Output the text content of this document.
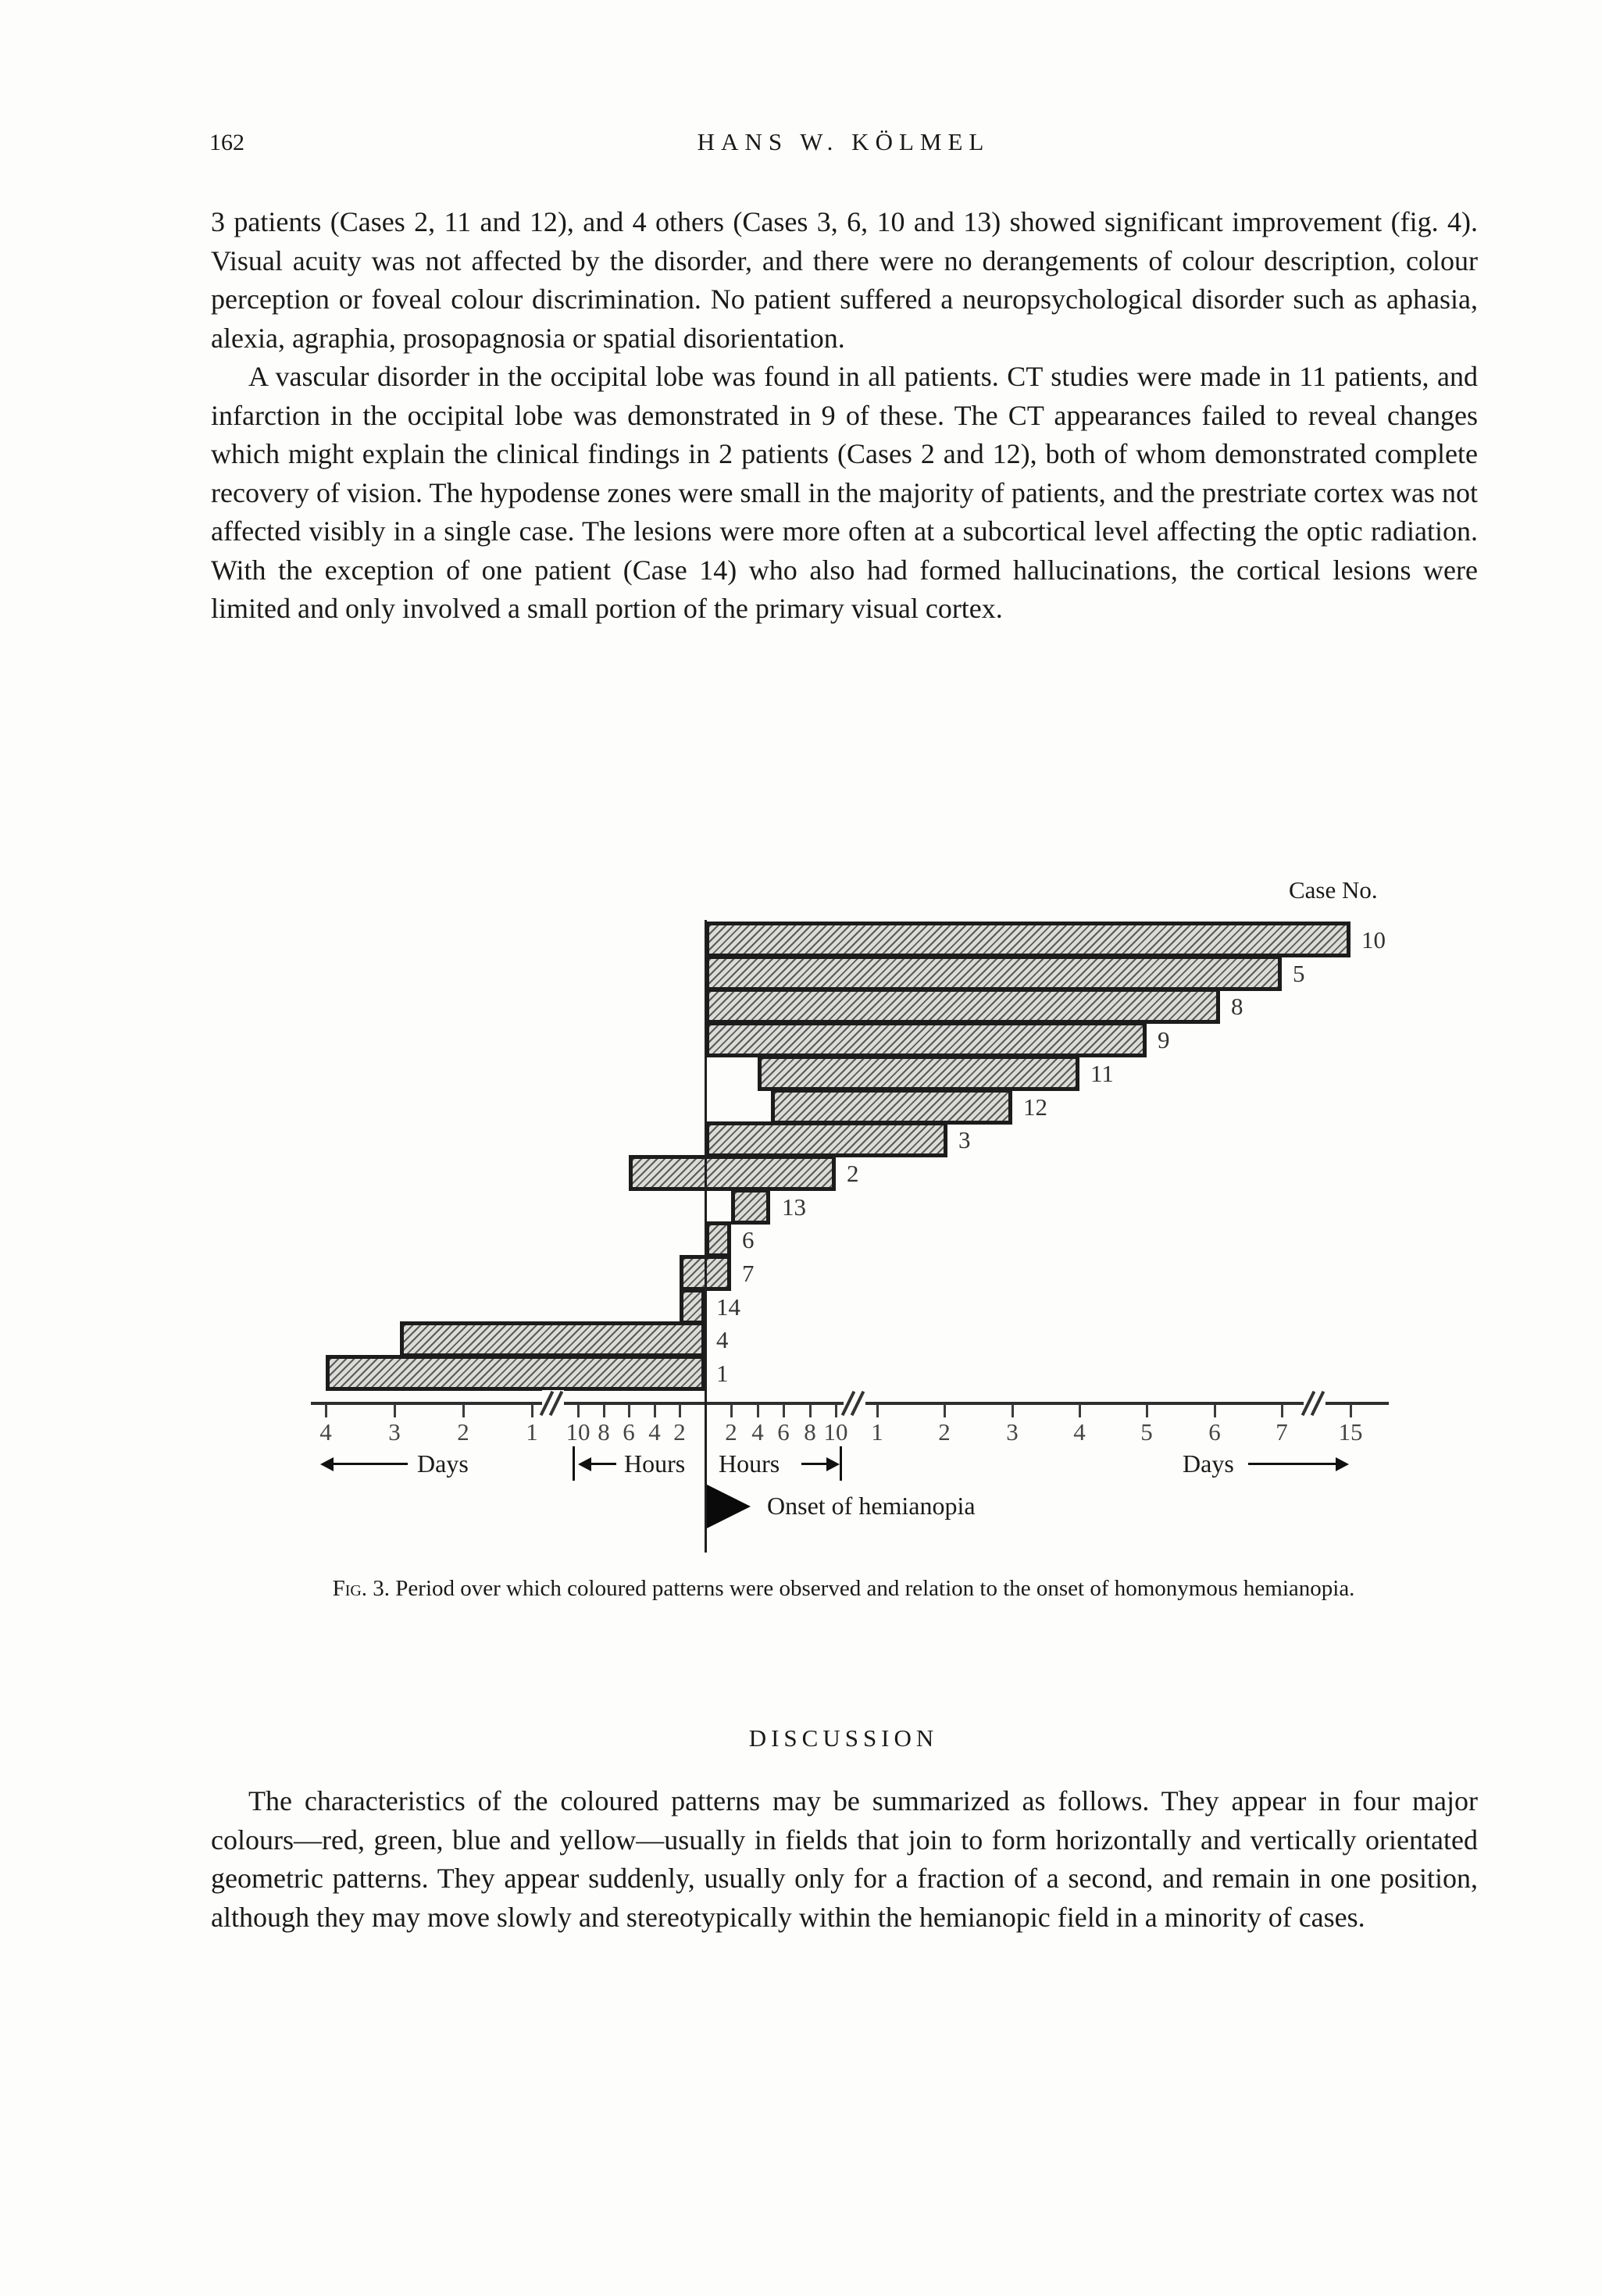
162	HANS W. KÖLMEL

3 patients (Cases 2, 11 and 12), and 4 others (Cases 3, 6, 10 and 13) showed significant improvement (fig. 4). Visual acuity was not affected by the disorder, and there were no derangements of colour description, colour perception or foveal colour discrimination. No patient suffered a neuropsychological disorder such as aphasia, alexia, agraphia, prosopagnosia or spatial disorientation.

A vascular disorder in the occipital lobe was found in all patients. CT studies were made in 11 patients, and infarction in the occipital lobe was demonstrated in 9 of these. The CT appearances failed to reveal changes which might explain the clinical findings in 2 patients (Cases 2 and 12), both of whom demonstrated complete recovery of vision. The hypodense zones were small in the majority of patients, and the prestriate cortex was not affected visibly in a single case. The lesions were more often at a subcortical level affecting the optic radiation. With the exception of one patient (Case 14) who also had formed hallucinations, the cortical lesions were limited and only involved a small portion of the primary visual cortex.

Case No.
10
5
8
9
11
12
3
2
13
6
7
14
4
1
4 3 2 1 10 8 6 4 2 2 4 6 8 10 1 2 3 4 5 6 7 15
Onset of hemianopia
Days	Hours Hours	Days
Fig. 3. Period over which coloured patterns were observed and relation to the onset of homonymous hemianopia.
DISCUSSION

The characteristics of the coloured patterns may be summarized as follows. They appear in four major colours—red, green, blue and yellow—usually in fields that join to form horizontally and vertically orientated geometric patterns. They appear suddenly, usually only for a fraction of a second, and remain in one position, although they may move slowly and stereotypically within the hemianopic field in a minority of cases.
